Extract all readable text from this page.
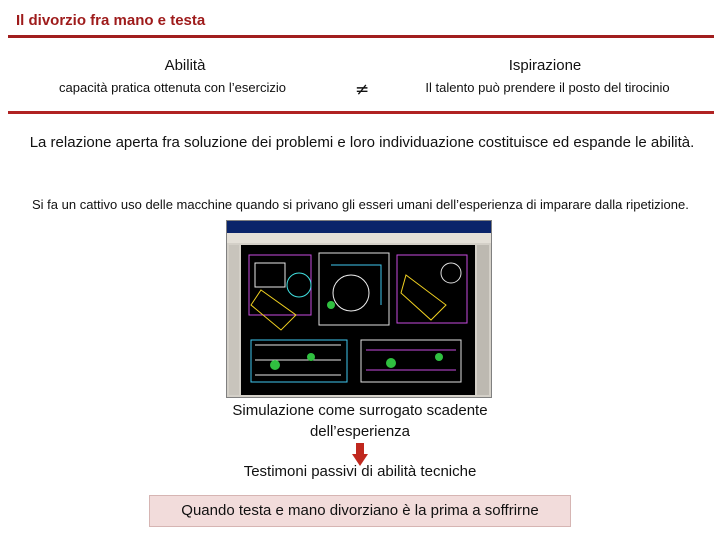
Il divorzio fra mano e testa
Abilità
capacità pratica ottenuta con l’esercizio	≠
Ispirazione
Il talento può prendere il posto del tirocinio
La relazione aperta fra soluzione dei problemi e loro individuazione costituisce ed espande le abilità.
Si fa un cattivo uso delle macchine quando si privano gli esseri umani dell’esperienza di imparare dalla ripetizione.
Simulazione come surrogato scadente dell’esperienza
Testimoni passivi di abilità tecniche
Quando testa e mano divorziano è la prima a soffrirne
